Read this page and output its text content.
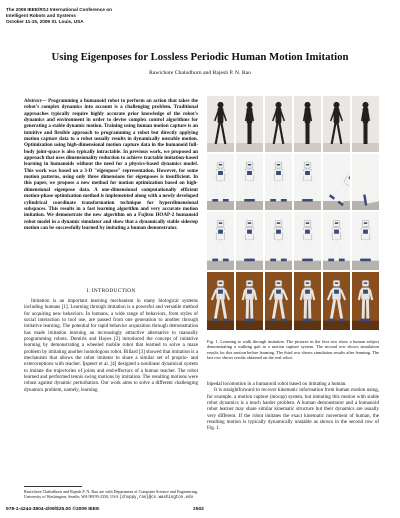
The 2009 IEEE/RSJ International Conference on
Intelligent Robots and Systems
October 11-15, 2009 St. Louis, USA
Using Eigenposes for Lossless Periodic Human Motion Imitation
Rawichote Chalodhorn and Rajesh P. N. Rao
Abstract— Programming a humanoid robot to perform an action that takes the robot's complex dynamics into account is a challenging problem. Traditional approaches typically require highly accurate prior knowledge of the robot's dynamics and environment in order to devise complex control algorithms for generating a stable dynamic motion. Training using human motion capture is an intuitive and flexible approach to programming a robot but directly applying motion capture data to a robot usually results in dynamically unstable motion. Optimization using high-dimensional motion capture data in the humanoid full-body joint-space is also typically intractable. In previous work, we proposed an approach that uses dimensionality reduction to achieve tractable imitation-based learning in humanoids without the need for a physics-based dynamics model. This work was based on a 3-D "eigenpose" representation. However, for some motion patterns, using only three dimensions for eigenposes is insufficient. In this paper, we propose a new method for motion optimization based on high-dimensional eigenpose data. A one-dimensional computationally efficient motion-phase optimization method is implemented along with a newly developed cylindrical coordinate transformation technique for hyperdimensional subspaces. This results in a fast learning algorithm and very accurate motion imitation. We demonstrate the new algorithm on a Fujitsu HOAP-2 humanoid robot model in a dynamic simulator and show that a dynamically stable sidestep motion can be successfully learned by imitating a human demonstrator.
I. INTRODUCTION

Imitation is an important learning mechanism in many biological systems including humans [1]. Learning through imitation is a powerful and versatile method for acquiring new behaviors. In humans, a wide range of behaviors, from styles of social interaction to tool use, are passed from one generation to another through imitative learning. The potential for rapid behavior acquisition through demonstration has made imitation learning an increasingly attractive alternative to manually programming robots. Demiris and Hayes [2] introduced the concept of imitative learning by demonstrating a wheeled mobile robot that learned to solve a maze problem by imitating another homologous robot. Billard [3] showed that imitation is a mechanism that allows the robot imitator to share a similar set of proprio- and exteroceptions with teacher. Ijspeert et al. [4] designed a nonlinear dynamical system to imitate the trajectories of joints and end-effectors of a human teacher. The robot learned and performed tennis swing motions by imitation. The resulting motions were robust against dynamic perturbation. Our work aims to solve a different challenging dynamics problem, namely, learning

Rawichote Chalodhorn and Rajesh P. N. Rao are with Department of Computer Science and Engineering, University of Washington, Seattle, WA 98195-2350, USA {choppy,rao}@cs.washington.edu
Fig. 1. Learning to walk through imitation. The pictures in the first row show a human subject demonstrating a walking gait in a motion capture system. The second row shows simulation results for this motion before learning. The third row shows simulation results after learning. The last row shows results obtained on the real robot.

bipedal locomotion in a humanoid robot based on imitating a human.

It is straightforward to recover kinematic information from human motion using, for example, a motion capture (mocap) system, but imitating this motion with stable robot dynamics is a much harder problem. A human demonstrator and a humanoid robot learner may share similar kinematic structure but their dynamics are usually very different. If the robot imitates the exact kinematic movement of human, the resulting motion is typically dynamically unstable as shown in the second row of Fig. 1.

978-1-4244-3804-4/09/$25.00 ©2009 IEEE	2502
